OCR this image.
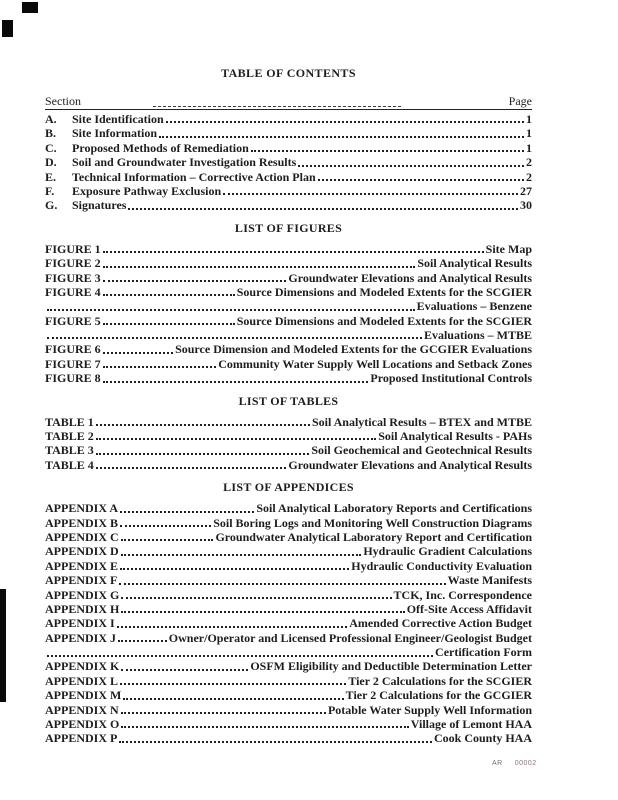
TABLE OF CONTENTS
Section	Page
A.	Site Identification	1
B.	Site Information	1
C.	Proposed Methods of Remediation	1
D.	Soil and Groundwater Investigation Results	2
E.	Technical Information – Corrective Action Plan	2
F.	Exposure Pathway Exclusion	27
G.	Signatures	30
LIST OF FIGURES
FIGURE 1	Site Map
FIGURE 2	Soil Analytical Results
FIGURE 3	Groundwater Elevations and Analytical Results
FIGURE 4	Source Dimensions and Modeled Extents for the SCGIER
Evaluations – Benzene
FIGURE 5	Source Dimensions and Modeled Extents for the SCGIER
Evaluations – MTBE
FIGURE 6	Source Dimension and Modeled Extents for the GCGIER Evaluations
FIGURE 7	Community Water Supply Well Locations and Setback Zones
FIGURE 8	Proposed Institutional Controls
LIST OF TABLES
TABLE 1	Soil Analytical Results – BTEX and MTBE
TABLE 2	Soil Analytical Results - PAHs
TABLE 3	Soil Geochemical and Geotechnical Results
TABLE 4	Groundwater Elevations and Analytical Results
LIST OF APPENDICES
APPENDIX A	Soil Analytical Laboratory Reports and Certifications
APPENDIX B	Soil Boring Logs and Monitoring Well Construction Diagrams
APPENDIX C	Groundwater Analytical Laboratory Report and Certification
APPENDIX D	Hydraulic Gradient Calculations
APPENDIX E	Hydraulic Conductivity Evaluation
APPENDIX F	Waste Manifests
APPENDIX G	TCK, Inc. Correspondence
APPENDIX H	Off-Site Access Affidavit
APPENDIX I	Amended Corrective Action Budget
APPENDIX J	Owner/Operator and Licensed Professional Engineer/Geologist Budget
Certification Form
APPENDIX K	OSFM Eligibility and Deductible Determination Letter
APPENDIX L	Tier 2 Calculations for the SCGIER
APPENDIX M	Tier 2 Calculations for the GCGIER
APPENDIX N	Potable Water Supply Well Information
APPENDIX O	Village of Lemont HAA
APPENDIX P	Cook County HAA
AR 00002
